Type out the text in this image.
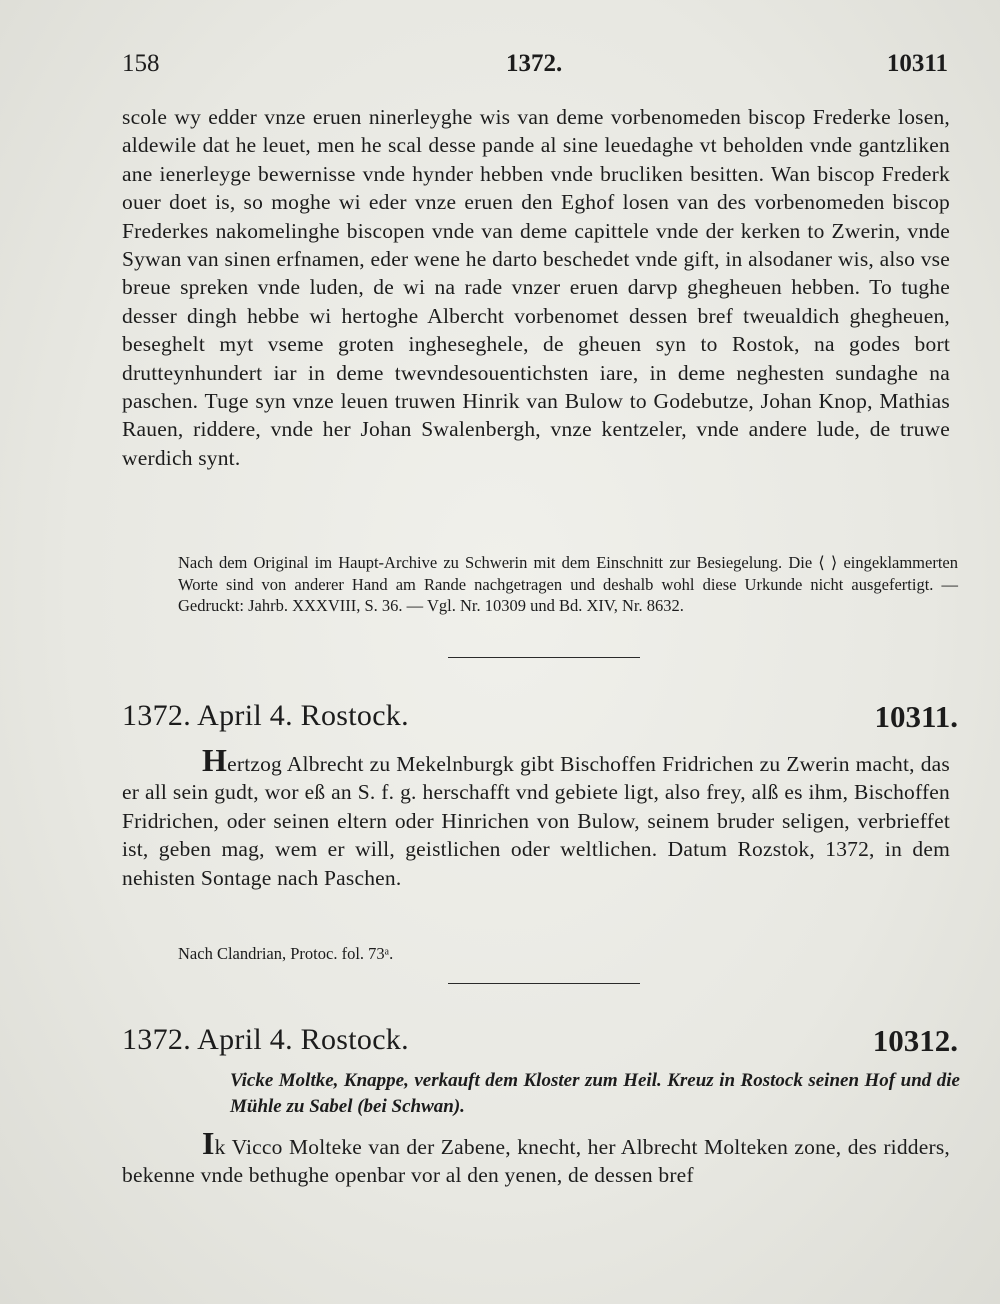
158	1372.	10311
scole wy edder vnze eruen ninerleyghe wis van deme vorbenomeden biscop Frederke losen, aldewile dat he leuet, men he scal desse pande al sine leuedaghe vt beholden vnde gantzliken ane ienerleyge bewernisse vnde hynder hebben vnde brucliken besitten. Wan biscop Frederk ouer doet is, so moghe wi eder vnze eruen den Eghof losen van des vorbenomeden biscop Frederkes nakomelinghe biscopen vnde van deme capittele vnde der kerken to Zwerin, vnde Sywan van sinen erfnamen, eder wene he darto beschedet vnde gift, in alsodaner wis, also vse breue spreken vnde luden, de wi na rade vnzer eruen darvp ghegheuen hebben. To tughe desser dingh hebbe wi hertoghe Albercht vorbenomet dessen bref tweualdich ghegheuen, beseghelt myt vseme groten ingheseghele, de gheuen syn to Rostok, na godes bort drutteynhundert iar in deme twevndesouentichsten iare, in deme neghesten sundaghe na paschen. Tuge syn vnze leuen truwen Hinrik van Bulow to Godebutze, Johan Knop, Mathias Rauen, riddere, vnde her Johan Swalenbergh, vnze kentzeler, vnde andere lude, de truwe werdich synt.
Nach dem Original im Haupt-Archive zu Schwerin mit dem Einschnitt zur Besiegelung. Die ⟨ ⟩ eingeklammerten Worte sind von anderer Hand am Rande nachgetragen und deshalb wohl diese Urkunde nicht ausgefertigt. — Gedruckt: Jahrb. XXXVIII, S. 36. — Vgl. Nr. 10309 und Bd. XIV, Nr. 8632.
1372. April 4. Rostock.	10311.
Hertzog Albrecht zu Mekelnburgk gibt Bischoffen Fridrichen zu Zwerin macht, das er all sein gudt, wor eß an S. f. g. herschafft vnd gebiete ligt, also frey, alß es ihm, Bischoffen Fridrichen, oder seinen eltern oder Hinrichen von Bulow, seinem bruder seligen, verbrieffet ist, geben mag, wem er will, geistlichen oder weltlichen. Datum Rozstok, 1372, in dem nehisten Sontage nach Paschen.
Nach Clandrian, Protoc. fol. 73ᵃ.
1372. April 4. Rostock.	10312.
Vicke Moltke, Knappe, verkauft dem Kloster zum Heil. Kreuz in Rostock seinen Hof und die Mühle zu Sabel (bei Schwan).
Ik Vicco Molteke van der Zabene, knecht, her Albrecht Molteken zone, des ridders, bekenne vnde bethughe openbar vor al den yenen, de dessen bref
